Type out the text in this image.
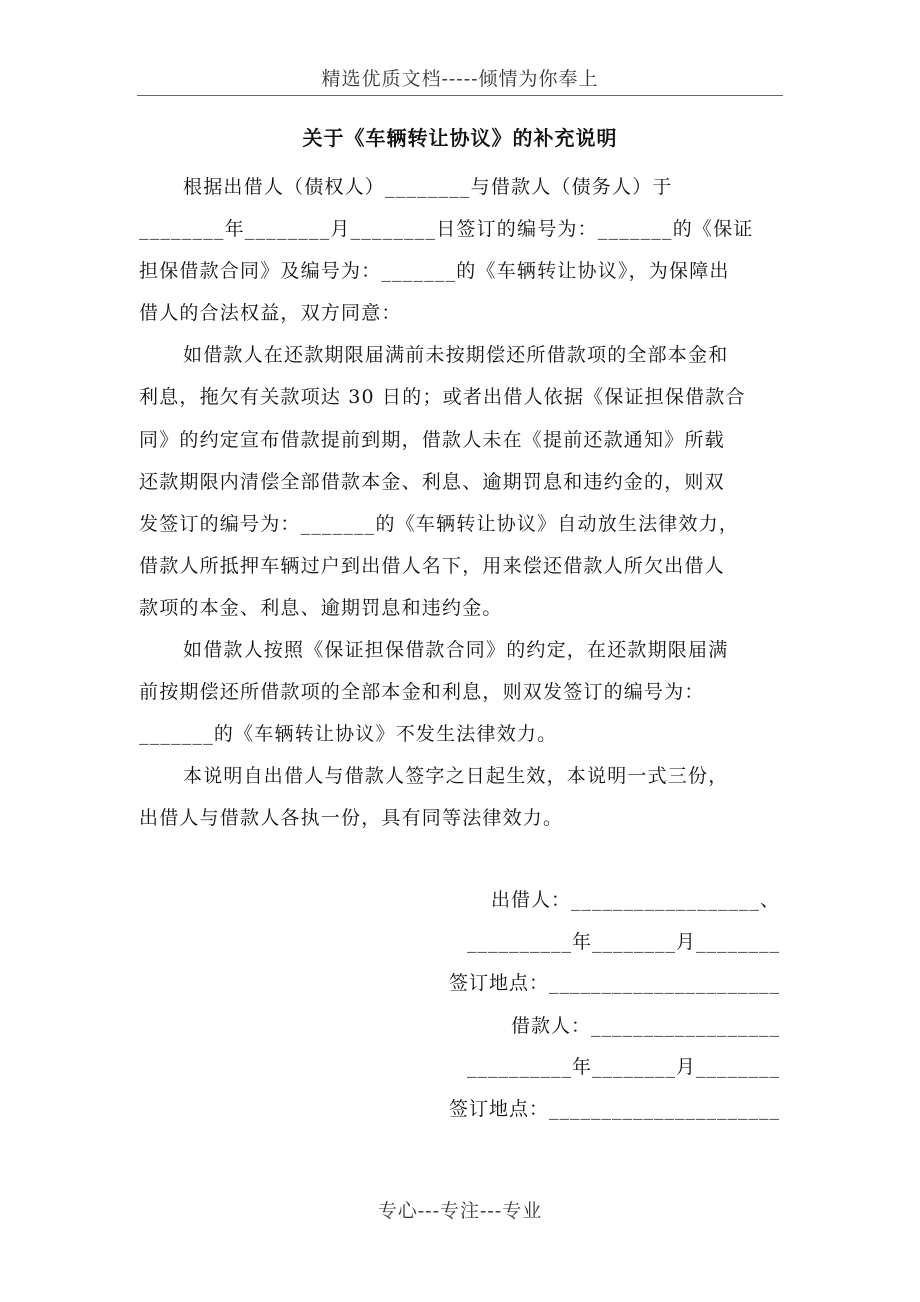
精选优质文档-----倾情为你奉上
关于《车辆转让协议》的补充说明
根据出借人（债权人）________与借款人（债务人）于
________年________月________日签订的编号为：_______的《保证
担保借款合同》及编号为：_______的《车辆转让协议》，为保障出
借人的合法权益，双方同意：
如借款人在还款期限届满前未按期偿还所借款项的全部本金和
利息，拖欠有关款项达 30 日的；或者出借人依据《保证担保借款合
同》的约定宣布借款提前到期，借款人未在《提前还款通知》所载
还款期限内清偿全部借款本金、利息、逾期罚息和违约金的，则双
发签订的编号为：_______的《车辆转让协议》自动放生法律效力，
借款人所抵押车辆过户到出借人名下，用来偿还借款人所欠出借人
款项的本金、利息、逾期罚息和违约金。
如借款人按照《保证担保借款合同》的约定，在还款期限届满
前按期偿还所借款项的全部本金和利息，则双发签订的编号为：
_______的《车辆转让协议》不发生法律效力。
本说明自出借人与借款人签字之日起生效，本说明一式三份，
出借人与借款人各执一份，具有同等法律效力。
出借人：__________________、
__________年________月________
签订地点：______________________
借款人：__________________
__________年________月________
签订地点：______________________
专心---专注---专业
